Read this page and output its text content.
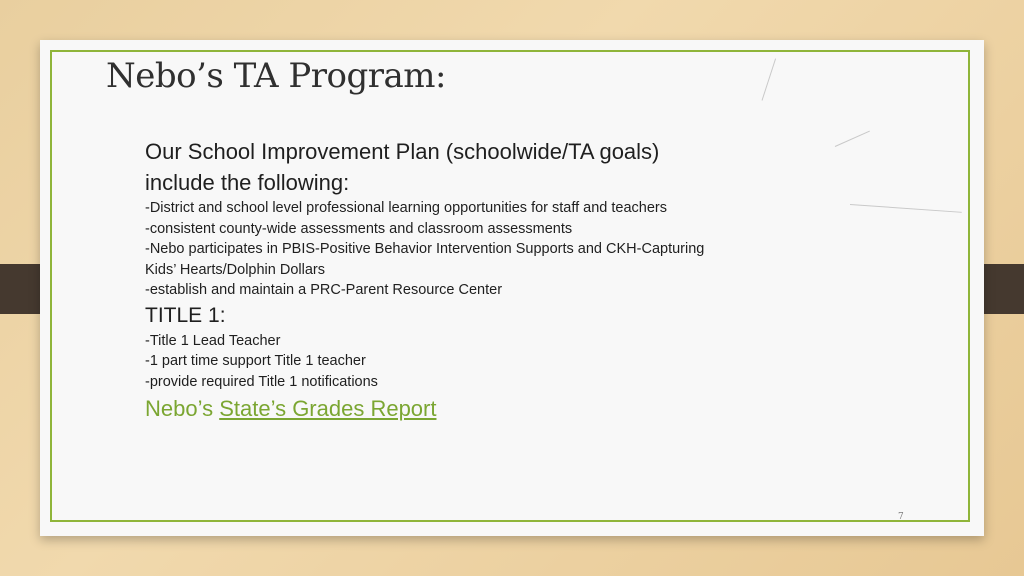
Nebo’s TA Program:

Our School Improvement Plan (schoolwide/TA goals) include the following:

-District and school level professional learning opportunities for staff and teachers

-consistent county-wide assessments and classroom assessments

-Nebo participates in PBIS-Positive Behavior Intervention Supports and CKH-Capturing Kids’ Hearts/Dolphin Dollars

-establish and maintain a PRC-Parent Resource Center

TITLE 1:

-Title 1 Lead Teacher

-1 part time support Title 1 teacher

-provide required Title 1 notifications

Nebo’s State’s Grades Report

7
